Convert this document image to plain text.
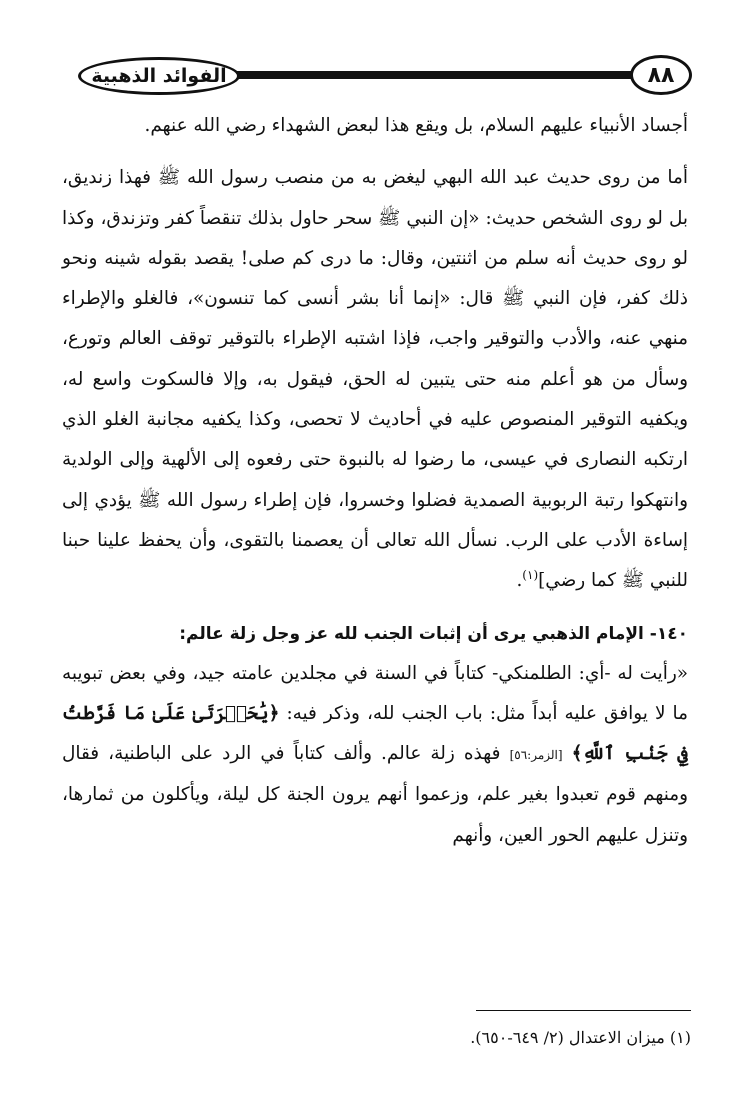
الفوائد الذهبية	٨٨

أجساد الأنبياء عليهم السلام، بل ويقع هذا لبعض الشهداء رضي الله عنهم.

أما من روى حديث عبد الله البهي ليغض به من منصب رسول الله ﷺ فهذا زنديق، بل لو روى الشخص حديث: «إن النبي ﷺ سحر حاول بذلك تنقصاً كفر وتزندق، وكذا لو روى حديث أنه سلم من اثنتين، وقال: ما درى كم صلى! يقصد بقوله شينه ونحو ذلك كفر، فإن النبي ﷺ قال: «إنما أنا بشر أنسى كما تنسون»، فالغلو والإطراء منهي عنه، والأدب والتوقير واجب، فإذا اشتبه الإطراء بالتوقير توقف العالم وتورع، وسأل من هو أعلم منه حتى يتبين له الحق، فيقول به، وإلا فالسكوت واسع له، ويكفيه التوقير المنصوص عليه في أحاديث لا تحصى، وكذا يكفيه مجانبة الغلو الذي ارتكبه النصارى في عيسى، ما رضوا له بالنبوة حتى رفعوه إلى الألهية وإلى الولدية وانتهكوا رتبة الربوبية الصمدية فضلوا وخسروا، فإن إطراء رسول الله ﷺ يؤدي إلى إساءة الأدب على الرب. نسأل الله تعالى أن يعصمنا بالتقوى، وأن يحفظ علينا حبنا للنبي ﷺ كما رضي]$^{(١)}$.

١٤٠- الإمام الذهبي يرى أن إثبات الجنب لله عز وجل زلة عالم:

«رأيت له -أي: الطلمنكي- كتاباً في السنة في مجلدين عامته جيد، وفي بعض تبويبه ما لا يوافق عليه أبداً مثل: باب الجنب لله، وذكر فيه: ﴿يَٰحَسۡرَتَىٰ عَلَىٰ مَا فَرَّطتُ فِي جَنۢبِ ٱللَّهِ﴾ [الزمر:٥٦] فهذه زلة عالم. وألف كتاباً في الرد على الباطنية، فقال ومنهم قوم تعبدوا بغير علم، وزعموا أنهم يرون الجنة كل ليلة، ويأكلون من ثمارها، وتنزل عليهم الحور العين، وأنهم

(١) ميزان الاعتدال (٢/ ٦٤٩-٦٥٠).
